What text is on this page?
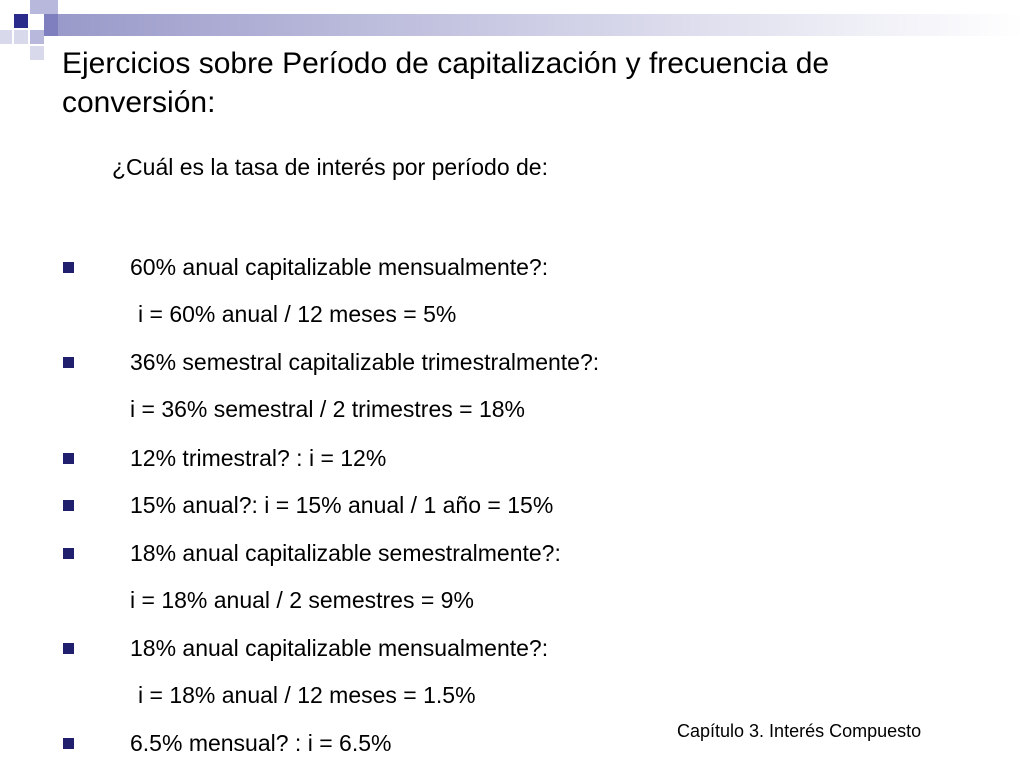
Ejercicios sobre Período de capitalización y frecuencia de conversión:
¿Cuál es la tasa de interés por período de:
60% anual capitalizable mensualmente?:
i = 60% anual / 12 meses = 5%
36% semestral capitalizable trimestralmente?:
i = 36% semestral / 2 trimestres = 18%
12% trimestral? : i = 12%
15% anual?: i = 15% anual / 1 año = 15%
18% anual capitalizable semestralmente?:
i = 18% anual / 2 semestres = 9%
18% anual capitalizable mensualmente?:
i = 18% anual / 12 meses = 1.5%
6.5% mensual? : i = 6.5%	Capítulo 3. Interés Compuesto
